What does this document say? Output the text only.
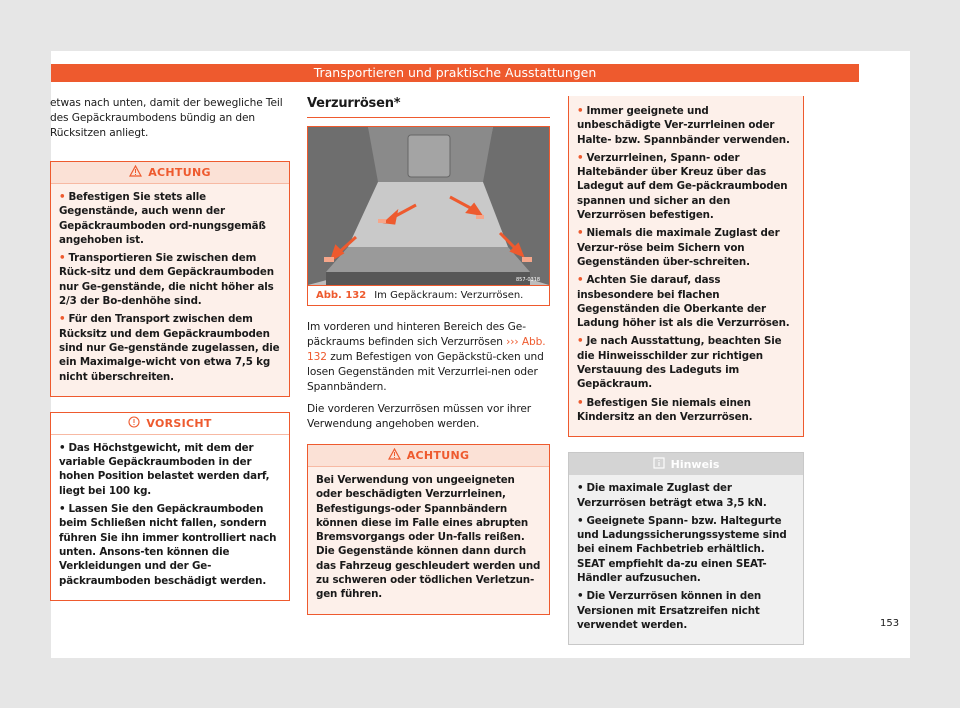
Transportieren und praktische Ausstattungen

etwas nach unten, damit der bewegliche Teil des Gepäckraumbodens bündig an den Rücksitzen anliegt.

ACHTUNG
• Befestigen Sie stets alle Gegenstände, auch wenn der Gepäckraumboden ord-nungsgemäß angehoben ist.
• Transportieren Sie zwischen dem Rück-sitz und dem Gepäckraumboden nur Ge-genstände, die nicht höher als 2/3 der Bo-denhöhe sind.
• Für den Transport zwischen dem Rücksitz und dem Gepäckraumboden sind nur Ge-genstände zugelassen, die ein Maximalge-wicht von etwa 7,5 kg nicht überschreiten.
VORSICHT
• Das Höchstgewicht, mit dem der variable Gepäckraumboden in der hohen Position belastet werden darf, liegt bei 100 kg.
• Lassen Sie den Gepäckraumboden beim Schließen nicht fallen, sondern führen Sie ihn immer kontrolliert nach unten. Ansons-ten können die Verkleidungen und der Ge-päckraumboden beschädigt werden.
Verzurrösen*
857-0318
Abb. 132 Im Gepäckraum: Verzurrösen.

Im vorderen und hinteren Bereich des Ge-päckraums befinden sich Verzurrösen ››› Abb. 132 zum Befestigen von Gepäckstü-cken und losen Gegenständen mit Verzurrlei-nen oder Spannbändern.

Die vorderen Verzurrösen müssen vor ihrer Verwendung angehoben werden.

ACHTUNG
Bei Verwendung von ungeeigneten oder beschädigten Verzurrleinen, Befestigungs-oder Spannbändern können diese im Falle eines abrupten Bremsvorgangs oder Un-falls reißen. Die Gegenstände können dann durch das Fahrzeug geschleudert werden und zu schweren oder tödlichen Verletzun-gen führen.
• Immer geeignete und unbeschädigte Ver-zurrleinen oder Halte- bzw. Spannbänder verwenden.
• Verzurrleinen, Spann- oder Haltebänder über Kreuz über das Ladegut auf dem Ge-päckraumboden spannen und sicher an den Verzurrösen befestigen.
• Niemals die maximale Zuglast der Verzur-röse beim Sichern von Gegenständen über-schreiten.
• Achten Sie darauf, dass insbesondere bei flachen Gegenständen die Oberkante der Ladung höher ist als die Verzurrösen.
• Je nach Ausstattung, beachten Sie die Hinweisschilder zur richtigen Verstauung des Ladeguts im Gepäckraum.
• Befestigen Sie niemals einen Kindersitz an den Verzurrösen.
Hinweis
• Die maximale Zuglast der Verzurrösen beträgt etwa 3,5 kN.
• Geeignete Spann- bzw. Haltegurte und Ladungssicherungssysteme sind bei einem Fachbetrieb erhältlich. SEAT empfiehlt da-zu einen SEAT-Händler aufzusuchen.
• Die Verzurrösen können in den Versionen mit Ersatzreifen nicht verwendet werden.	153
